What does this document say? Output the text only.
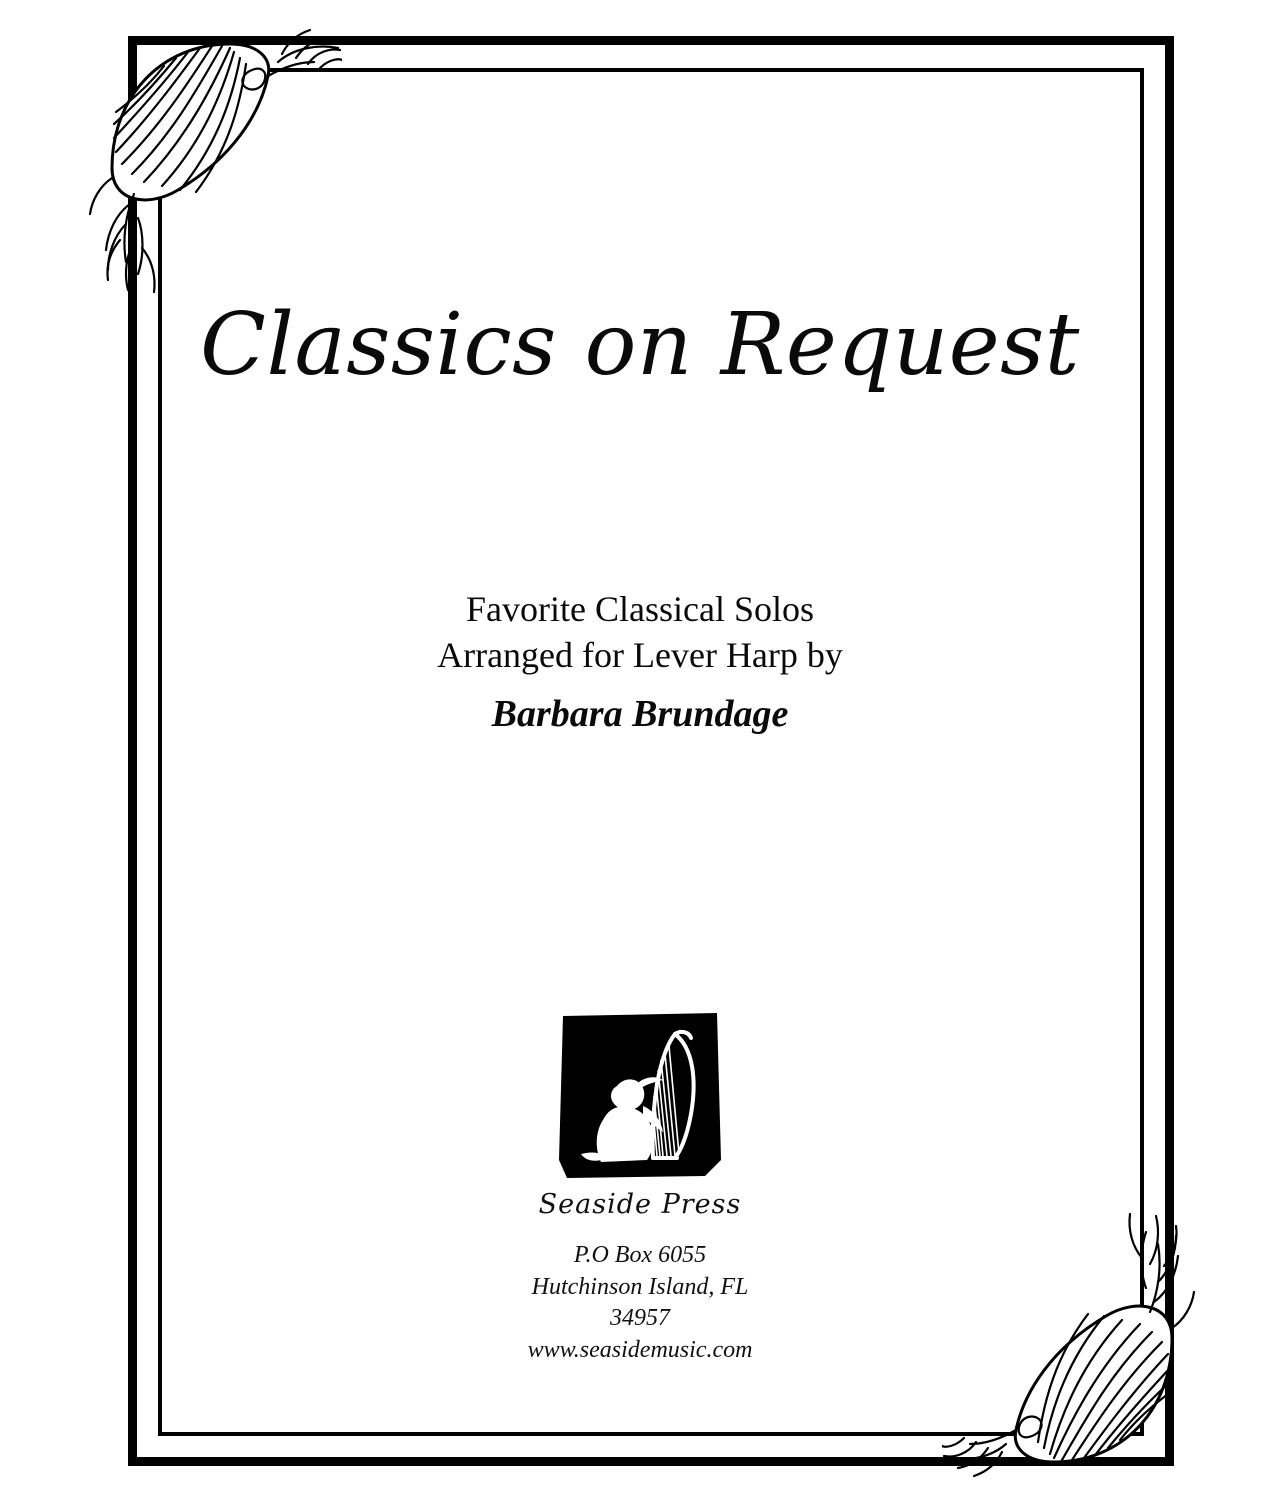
Classics on Request
Favorite Classical Solos
Arranged for Lever Harp by
Barbara Brundage
Seaside Press
P.O Box 6055
Hutchinson Island, FL
34957
www.seasidemusic.com
